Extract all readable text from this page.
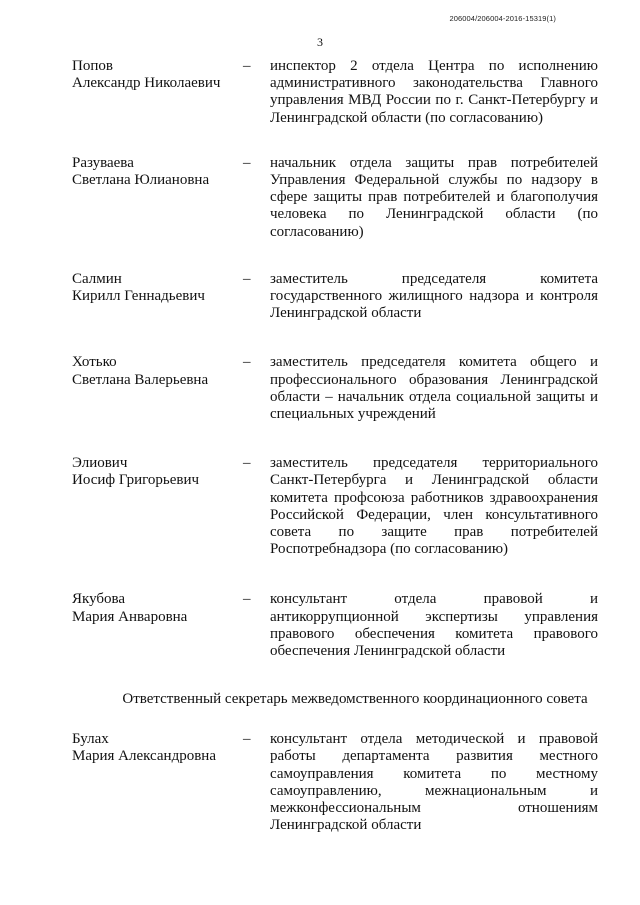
206004/206004-2016-15319(1)
3
Попов
Александр Николаевич
–	инспектор 2 отдела Центра по исполнению административного законодательства Главного управления МВД России по г. Санкт-Петербургу и Ленинградской области (по согласованию)
Разуваева
Светлана Юлиановна
–	начальник отдела защиты прав потребителей Управления Федеральной службы по надзору в сфере защиты прав потребителей и благополучия человека по Ленинградской области (по согласованию)
Салмин
Кирилл Геннадьевич
–	заместитель председателя комитета государственного жилищного надзора и контроля Ленинградской области
Хотько
Светлана Валерьевна
–	заместитель председателя комитета общего и профессионального образования Ленинградской области – начальник отдела социальной защиты и специальных учреждений
Элиович
Иосиф Григорьевич
–	заместитель председателя территориального Санкт-Петербурга и Ленинградской области комитета профсоюза работников здравоохранения Российской Федерации, член консультативного совета по защите прав потребителей Роспотребнадзора (по согласованию)
Якубова
Мария Анваровна
–	консультант отдела правовой и антикоррупционной экспертизы управления правового обеспечения комитета правового обеспечения Ленинградской области
Ответственный секретарь межведомственного координационного совета
Булах
Мария Александровна
–	консультант отдела методической и правовой работы департамента развития местного самоуправления комитета по местному самоуправлению, межнациональным и межконфессиональным отношениям Ленинградской области
